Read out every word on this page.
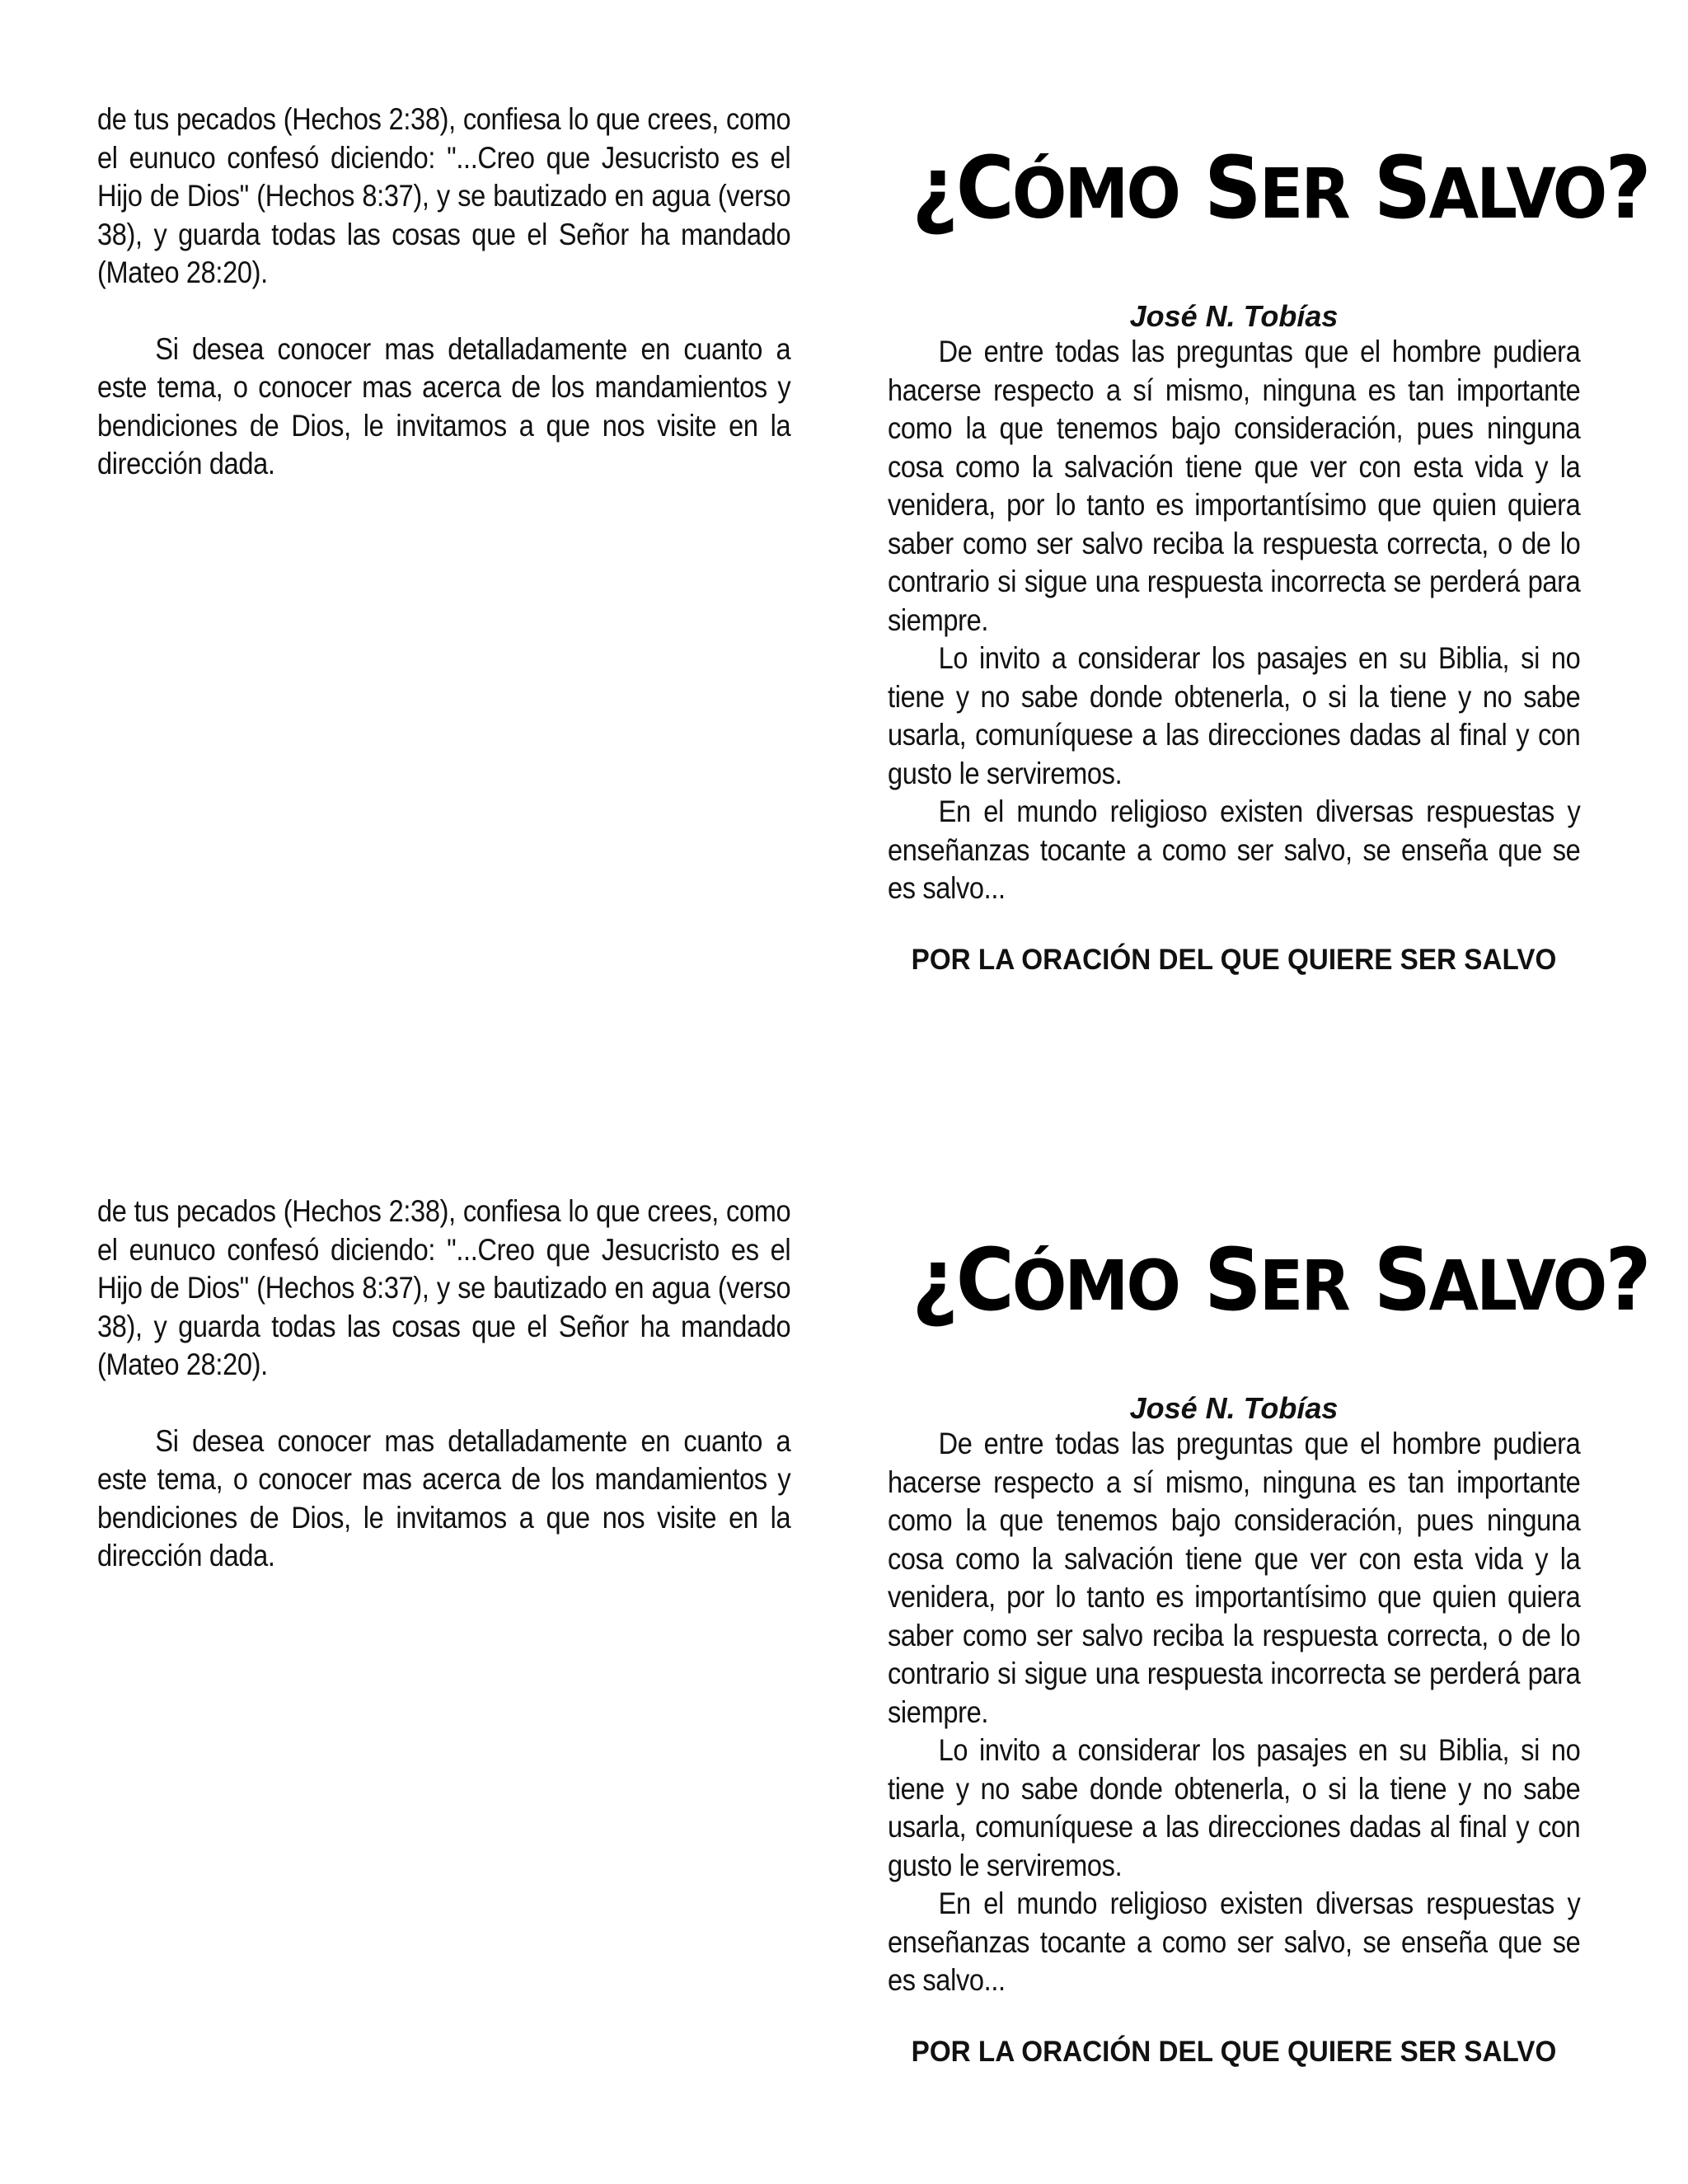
de tus pecados (Hechos 2:38), confiesa lo que crees, como el eunuco confesó diciendo: "...Creo que Jesucristo es el Hijo de Dios" (Hechos 8:37), y se bautizado en agua (verso 38), y guarda todas las cosas que el Señor ha mandado (Mateo 28:20).

Si desea conocer mas detalladamente en cuanto a este tema, o conocer mas acerca de los mandamientos y bendiciones de Dios, le invitamos a que nos visite en la dirección dada.

¿CÓMO SER SALVO?
José N. Tobías

De entre todas las preguntas que el hombre pudiera hacerse respecto a sí mismo, ninguna es tan importante como la que tenemos bajo consideración, pues ninguna cosa como la salvación tiene que ver con esta vida y la venidera, por lo tanto es importantísimo que quien quiera saber como ser salvo reciba la respuesta correcta, o de lo contrario si sigue una respuesta incorrecta se perderá para siempre.

Lo invito a considerar los pasajes en su Biblia, si no tiene y no sabe donde obtenerla, o si la tiene y no sabe usarla, comuníquese a las direcciones dadas al final y con gusto le serviremos.

En el mundo religioso existen diversas respuestas y enseñanzas tocante a como ser salvo, se enseña que se es salvo...

POR LA ORACIÓN DEL QUE QUIERE SER SALVO

de tus pecados (Hechos 2:38), confiesa lo que crees, como el eunuco confesó diciendo: "...Creo que Jesucristo es el Hijo de Dios" (Hechos 8:37), y se bautizado en agua (verso 38), y guarda todas las cosas que el Señor ha mandado (Mateo 28:20).

Si desea conocer mas detalladamente en cuanto a este tema, o conocer mas acerca de los mandamientos y bendiciones de Dios, le invitamos a que nos visite en la dirección dada.

¿CÓMO SER SALVO?
José N. Tobías

De entre todas las preguntas que el hombre pudiera hacerse respecto a sí mismo, ninguna es tan importante como la que tenemos bajo consideración, pues ninguna cosa como la salvación tiene que ver con esta vida y la venidera, por lo tanto es importantísimo que quien quiera saber como ser salvo reciba la respuesta correcta, o de lo contrario si sigue una respuesta incorrecta se perderá para siempre.

Lo invito a considerar los pasajes en su Biblia, si no tiene y no sabe donde obtenerla, o si la tiene y no sabe usarla, comuníquese a las direcciones dadas al final y con gusto le serviremos.

En el mundo religioso existen diversas respuestas y enseñanzas tocante a como ser salvo, se enseña que se es salvo...

POR LA ORACIÓN DEL QUE QUIERE SER SALVO
